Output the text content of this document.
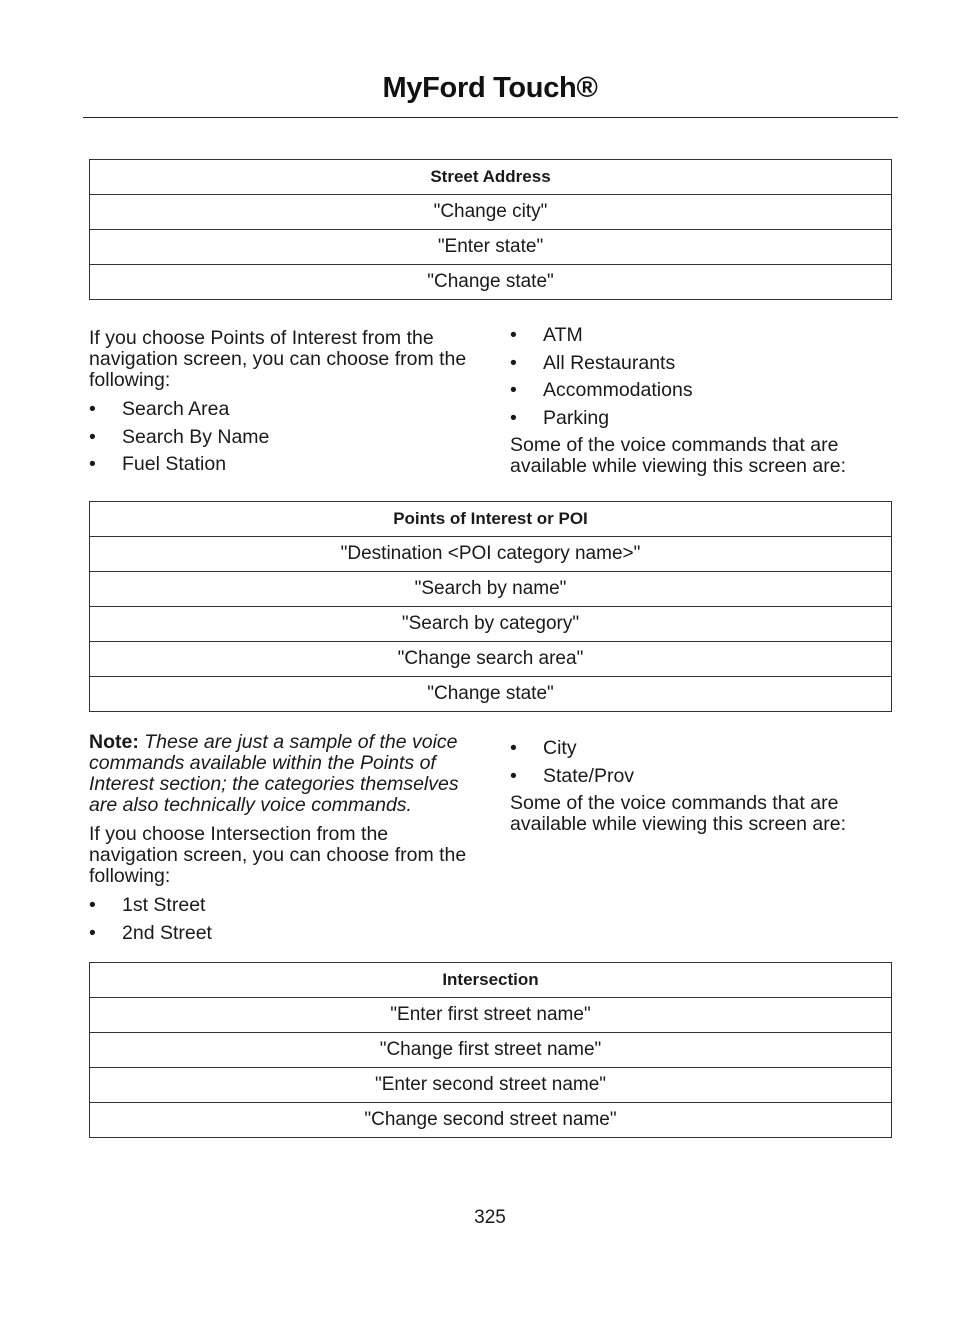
MyFord Touch®
Street Address
"Change city"
"Enter state"
"Change state"

If you choose Points of Interest from the navigation screen, you can choose from the following:

• Search Area
• Search By Name
• Fuel Station
• ATM
• All Restaurants
• Accommodations
• Parking

Some of the voice commands that are available while viewing this screen are:

Points of Interest or POI
"Destination <POI category name>"
"Search by name"
"Search by category"
"Change search area"
"Change state"

Note: These are just a sample of the voice commands available within the Points of Interest section; the categories themselves are also technically voice commands.

If you choose Intersection from the navigation screen, you can choose from the following:

• 1st Street
• 2nd Street
• City
• State/Prov

Some of the voice commands that are available while viewing this screen are:

Intersection
"Enter first street name"
"Change first street name"
"Enter second street name"
"Change second street name"
325
